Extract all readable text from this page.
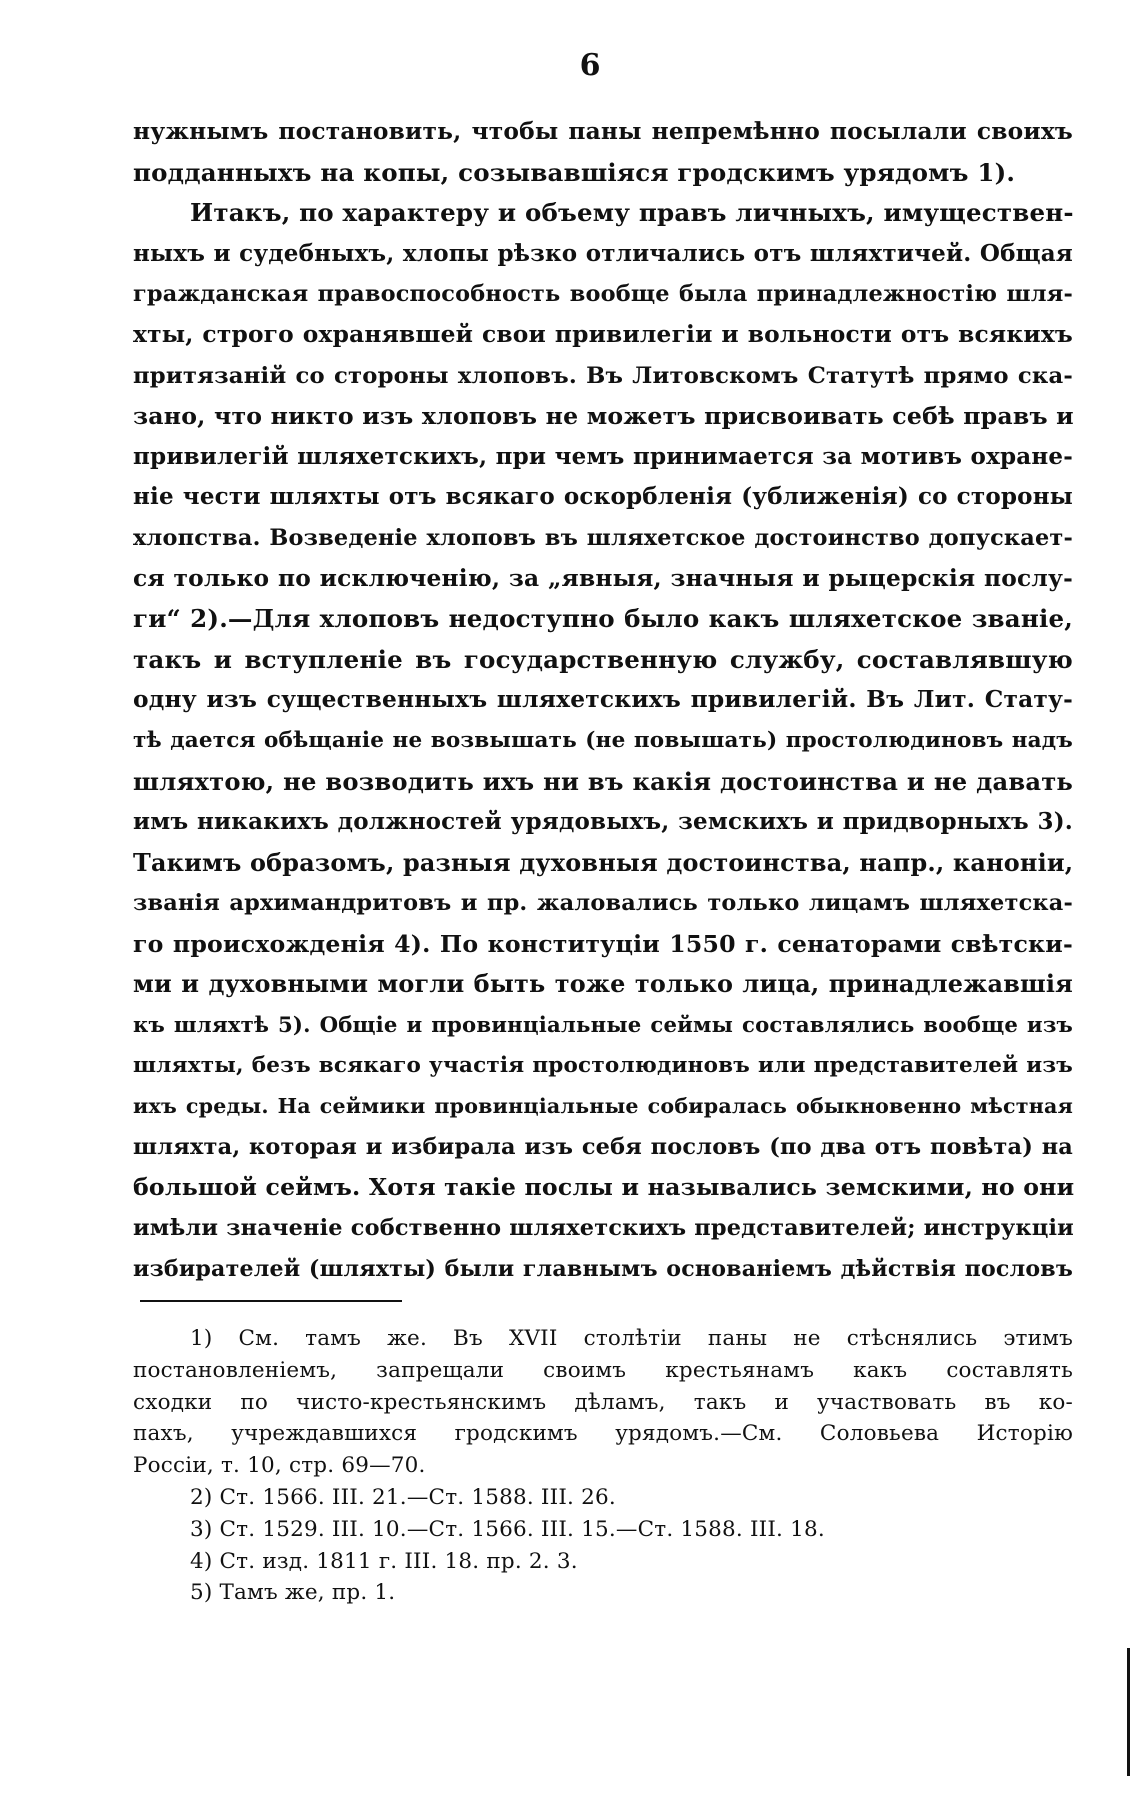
6
нужнымъ постановить, чтобы паны непремѣнно посылали своихъ
подданныхъ на копы, созывавшіяся гродскимъ урядомъ 1).
Итакъ, по характеру и объему правъ личныхъ, имуществен-
ныхъ и судебныхъ, хлопы рѣзко отличались отъ шляхтичей. Общая
гражданская правоспособность вообще была принадлежностію шля-
хты, строго охранявшей свои привилегіи и вольности отъ всякихъ
притязаній со стороны хлоповъ. Въ Литовскомъ Статутѣ прямо ска-
зано, что никто изъ хлоповъ не можетъ присвоивать себѣ правъ и
привилегій шляхетскихъ, при чемъ принимается за мотивъ охране-
ніе чести шляхты отъ всякаго оскорбленія (уближенія) со стороны
хлопства. Возведеніе хлоповъ въ шляхетское достоинство допускает-
ся только по исключенію, за „явныя, значныя и рыцерскія послу-
ги“ 2).—Для хлоповъ недоступно было какъ шляхетское званіе,
такъ и вступленіе въ государственную службу, составлявшую
одну изъ существенныхъ шляхетскихъ привилегій. Въ Лит. Стату-
тѣ дается обѣщаніе не возвышать (не повышать) простолюдиновъ надъ
шляхтою, не возводить ихъ ни въ какія достоинства и не давать
имъ никакихъ должностей урядовыхъ, земскихъ и придворныхъ 3).
Такимъ образомъ, разныя духовныя достоинства, напр., каноніи,
званія архимандритовъ и пр. жаловались только лицамъ шляхетска-
го происхожденія 4). По конституціи 1550 г. сенаторами свѣтски-
ми и духовными могли быть тоже только лица, принадлежавшія
къ шляхтѣ 5). Общіе и провинціальные сеймы составлялись вообще изъ
шляхты, безъ всякаго участія простолюдиновъ или представителей изъ
ихъ среды. На сеймики провинціальные собиралась обыкновенно мѣстная
шляхта, которая и избирала изъ себя пословъ (по два отъ повѣта) на
большой сеймъ. Хотя такіе послы и назывались земскими, но они
имѣли значеніе собственно шляхетскихъ представителей; инструкціи
избирателей (шляхты) были главнымъ основаніемъ дѣйствія пословъ
1) См. тамъ же. Въ XVII столѣтіи паны не стѣснялись этимъ
постановленіемъ, запрещали своимъ крестьянамъ какъ составлять
сходки по чисто-крестьянскимъ дѣламъ, такъ и участвовать въ ко-
пахъ, учреждавшихся гродскимъ урядомъ.—См. Соловьева Исторію
Россіи, т. 10, стр. 69—70.
2) Ст. 1566. III. 21.—Ст. 1588. III. 26.
3) Ст. 1529. III. 10.—Ст. 1566. III. 15.—Ст. 1588. III. 18.
4) Ст. изд. 1811 г. III. 18. пр. 2. 3.
5) Тамъ же, пр. 1.
